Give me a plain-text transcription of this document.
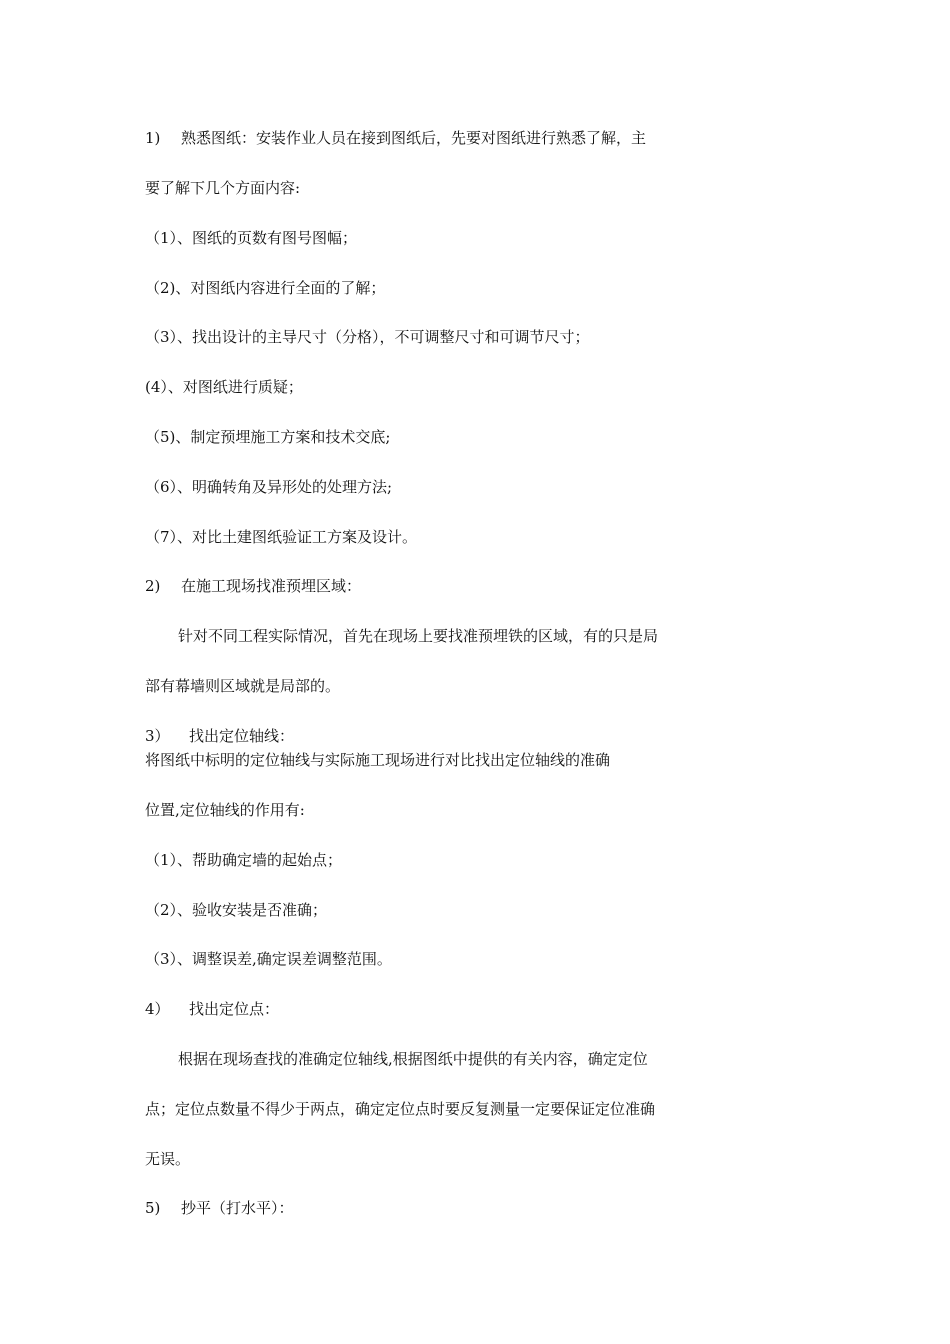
1) 熟悉图纸：安装作业人员在接到图纸后，先要对图纸进行熟悉了解，主
要了解下几个方面内容:
（1）、图纸的页数有图号图幅；
（2)、对图纸内容进行全面的了解；
（3）、找出设计的主导尺寸（分格），不可调整尺寸和可调节尺寸；
(4）、对图纸进行质疑；
（5)、制定预埋施工方案和技术交底;
（6）、明确转角及异形处的处理方法;
（7）、对比土建图纸验证工方案及设计。
2) 在施工现场找准预埋区域：
针对不同工程实际情况，首先在现场上要找准预埋铁的区域，有的只是局
部有幕墙则区域就是局部的。
3） 找出定位轴线：
将图纸中标明的定位轴线与实际施工现场进行对比找出定位轴线的准确
位置,定位轴线的作用有:
（1）、帮助确定墙的起始点；
（2）、验收安装是否准确；
（3）、调整误差,确定误差调整范围。
4） 找出定位点：
根据在现场查找的准确定位轴线,根据图纸中提供的有关内容，确定定位
点；定位点数量不得少于两点，确定定位点时要反复测量一定要保证定位准确
无误。
5) 抄平（打水平）：
